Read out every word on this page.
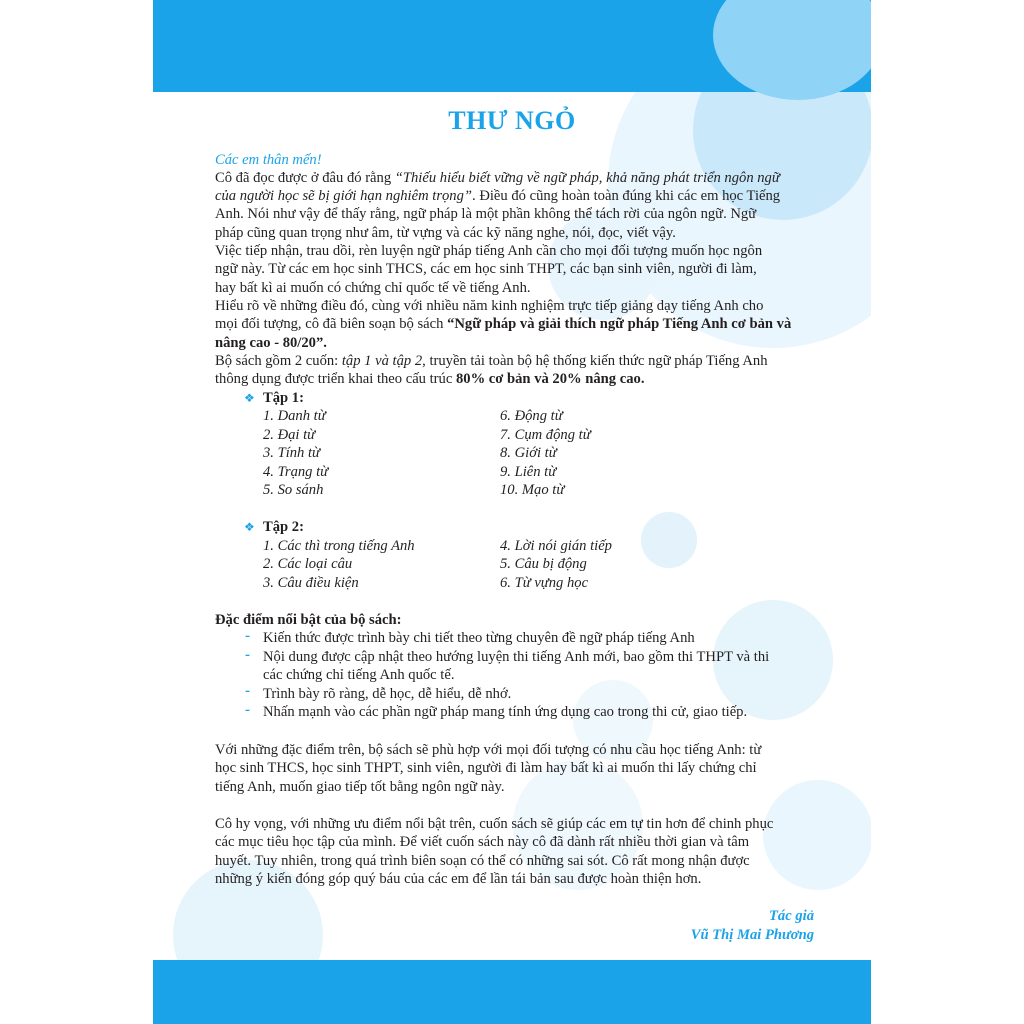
THƯ NGỎ
Các em thân mến!
Cô đã đọc được ở đâu đó rằng “Thiếu hiểu biết vững về ngữ pháp, khả năng phát triển ngôn ngữ
của người học sẽ bị giới hạn nghiêm trọng”. Điều đó cũng hoàn toàn đúng khi các em học Tiếng
Anh. Nói như vậy để thấy rằng, ngữ pháp là một phần không thể tách rời của ngôn ngữ. Ngữ
pháp cũng quan trọng như âm, từ vựng và các kỹ năng nghe, nói, đọc, viết vậy.
Việc tiếp nhận, trau dồi, rèn luyện ngữ pháp tiếng Anh cần cho mọi đối tượng muốn học ngôn
ngữ này. Từ các em học sinh THCS, các em học sinh THPT, các bạn sinh viên, người đi làm,
hay bất kì ai muốn có chứng chỉ quốc tế về tiếng Anh.
Hiểu rõ về những điều đó, cùng với nhiều năm kinh nghiệm trực tiếp giảng dạy tiếng Anh cho
mọi đối tượng, cô đã biên soạn bộ sách “Ngữ pháp và giải thích ngữ pháp Tiếng Anh cơ bản và
nâng cao - 80/20”.
Bộ sách gồm 2 cuốn: tập 1 và tập 2, truyền tải toàn bộ hệ thống kiến thức ngữ pháp Tiếng Anh
thông dụng được triển khai theo cấu trúc 80% cơ bản và 20% nâng cao.
❖ Tập 1:
1. Danh từ
2. Đại từ
3. Tính từ
4. Trạng từ
5. So sánh
6. Động từ
7. Cụm động từ
8. Giới từ
9. Liên từ
10. Mạo từ
❖ Tập 2:
1. Các thì trong tiếng Anh
2. Các loại câu
3. Câu điều kiện
4. Lời nói gián tiếp
5. Câu bị động
6. Từ vựng học
Đặc điểm nổi bật của bộ sách:
- Kiến thức được trình bày chi tiết theo từng chuyên đề ngữ pháp tiếng Anh
- Nội dung được cập nhật theo hướng luyện thi tiếng Anh mới, bao gồm thi THPT và thi
các chứng chỉ tiếng Anh quốc tế.
- Trình bày rõ ràng, dễ học, dễ hiểu, dễ nhớ.
- Nhấn mạnh vào các phần ngữ pháp mang tính ứng dụng cao trong thi cử, giao tiếp.
Với những đặc điểm trên, bộ sách sẽ phù hợp với mọi đối tượng có nhu cầu học tiếng Anh: từ
học sinh THCS, học sinh THPT, sinh viên, người đi làm hay bất kì ai muốn thi lấy chứng chỉ
tiếng Anh, muốn giao tiếp tốt bằng ngôn ngữ này.
Cô hy vọng, với những ưu điểm nổi bật trên, cuốn sách sẽ giúp các em tự tin hơn để chinh phục
các mục tiêu học tập của mình. Để viết cuốn sách này cô đã dành rất nhiều thời gian và tâm
huyết. Tuy nhiên, trong quá trình biên soạn có thể có những sai sót. Cô rất mong nhận được
những ý kiến đóng góp quý báu của các em để lần tái bản sau được hoàn thiện hơn.
Tác giả
Vũ Thị Mai Phương
